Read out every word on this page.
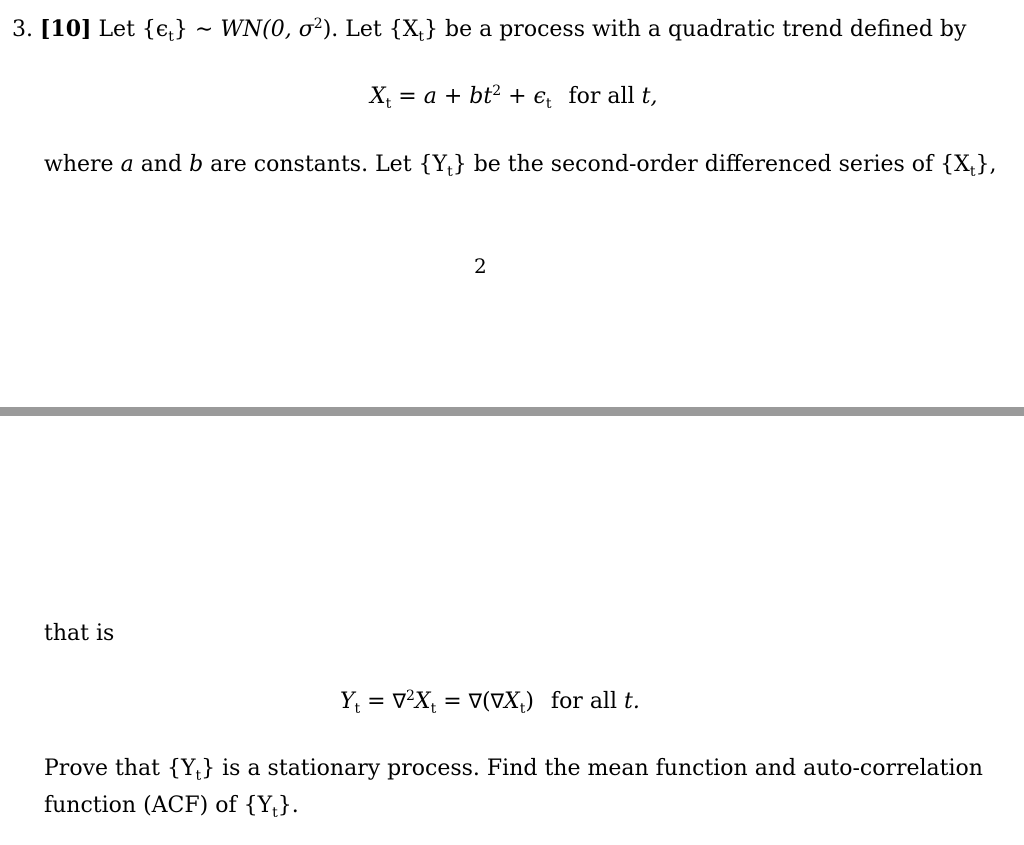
3. [10] Let $\{\epsilon_t\}$ ∼ WN(0, $\sigma^2$). Let $\{X_t\}$ be a process with a quadratic trend defined by
$X_t = a + bt^2 + \epsilon_t$ for all t,
where a and b are constants. Let $\{Y_t\}$ be the second-order differenced series of $\{X_t\}$,
2
that is
$Y_t = \nabla^2X_t = \nabla(\nabla X_t)$ for all t.
Prove that $\{Y_t\}$ is a stationary process. Find the mean function and auto-correlation
function (ACF) of $\{Y_t\}$.
